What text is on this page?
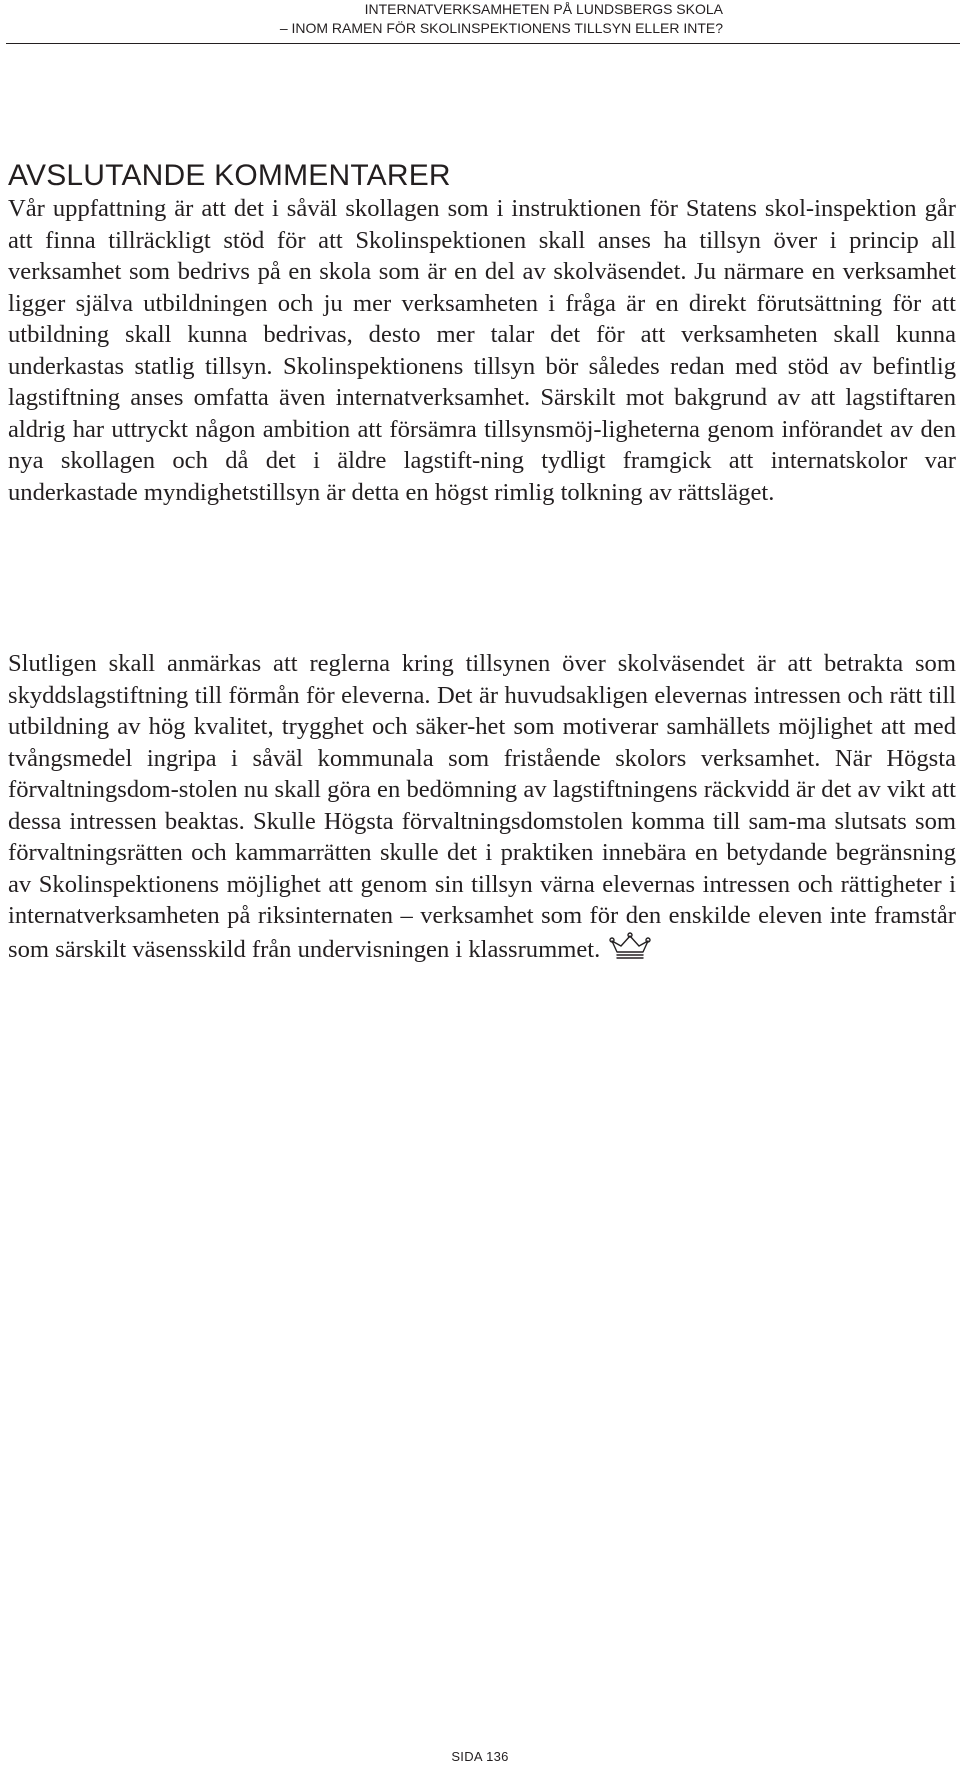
INTERNATVERKSAMHETEN PÅ LUNDSBERGS SKOLA
– INOM RAMEN FÖR SKOLINSPEKTIONENS TILLSYN ELLER INTE?
AVSLUTANDE KOMMENTARER

Vår uppfattning är att det i såväl skollagen som i instruktionen för Statens skol-inspektion går att finna tillräckligt stöd för att Skolinspektionen skall anses ha tillsyn över i princip all verksamhet som bedrivs på en skola som är en del av skolväsendet. Ju närmare en verksamhet ligger själva utbildningen och ju mer verksamheten i fråga är en direkt förutsättning för att utbildning skall kunna bedrivas, desto mer talar det för att verksamheten skall kunna underkastas statlig tillsyn. Skolinspektionens tillsyn bör således redan med stöd av befintlig lagstiftning anses omfatta även internatverksamhet. Särskilt mot bakgrund av att lagstiftaren aldrig har uttryckt någon ambition att försämra tillsynsmöj-ligheterna genom införandet av den nya skollagen och då det i äldre lagstift-ning tydligt framgick att internatskolor var underkastade myndighetstillsyn är detta en högst rimlig tolkning av rättsläget.

Slutligen skall anmärkas att reglerna kring tillsynen över skolväsendet är att betrakta som skyddslagstiftning till förmån för eleverna. Det är huvudsakligen elevernas intressen och rätt till utbildning av hög kvalitet, trygghet och säker-het som motiverar samhällets möjlighet att med tvångsmedel ingripa i såväl kommunala som fristående skolors verksamhet. När Högsta förvaltningsdom-stolen nu skall göra en bedömning av lagstiftningens räckvidd är det av vikt att dessa intressen beaktas. Skulle Högsta förvaltningsdomstolen komma till sam-ma slutsats som förvaltningsrätten och kammarrätten skulle det i praktiken innebära en betydande begränsning av Skolinspektionens möjlighet att genom sin tillsyn värna elevernas intressen och rättigheter i internatverksamheten på riksinternaten – verksamhet som för den enskilde eleven inte framstår som särskilt väsensskild från undervisningen i klassrummet.

SIDA 136
